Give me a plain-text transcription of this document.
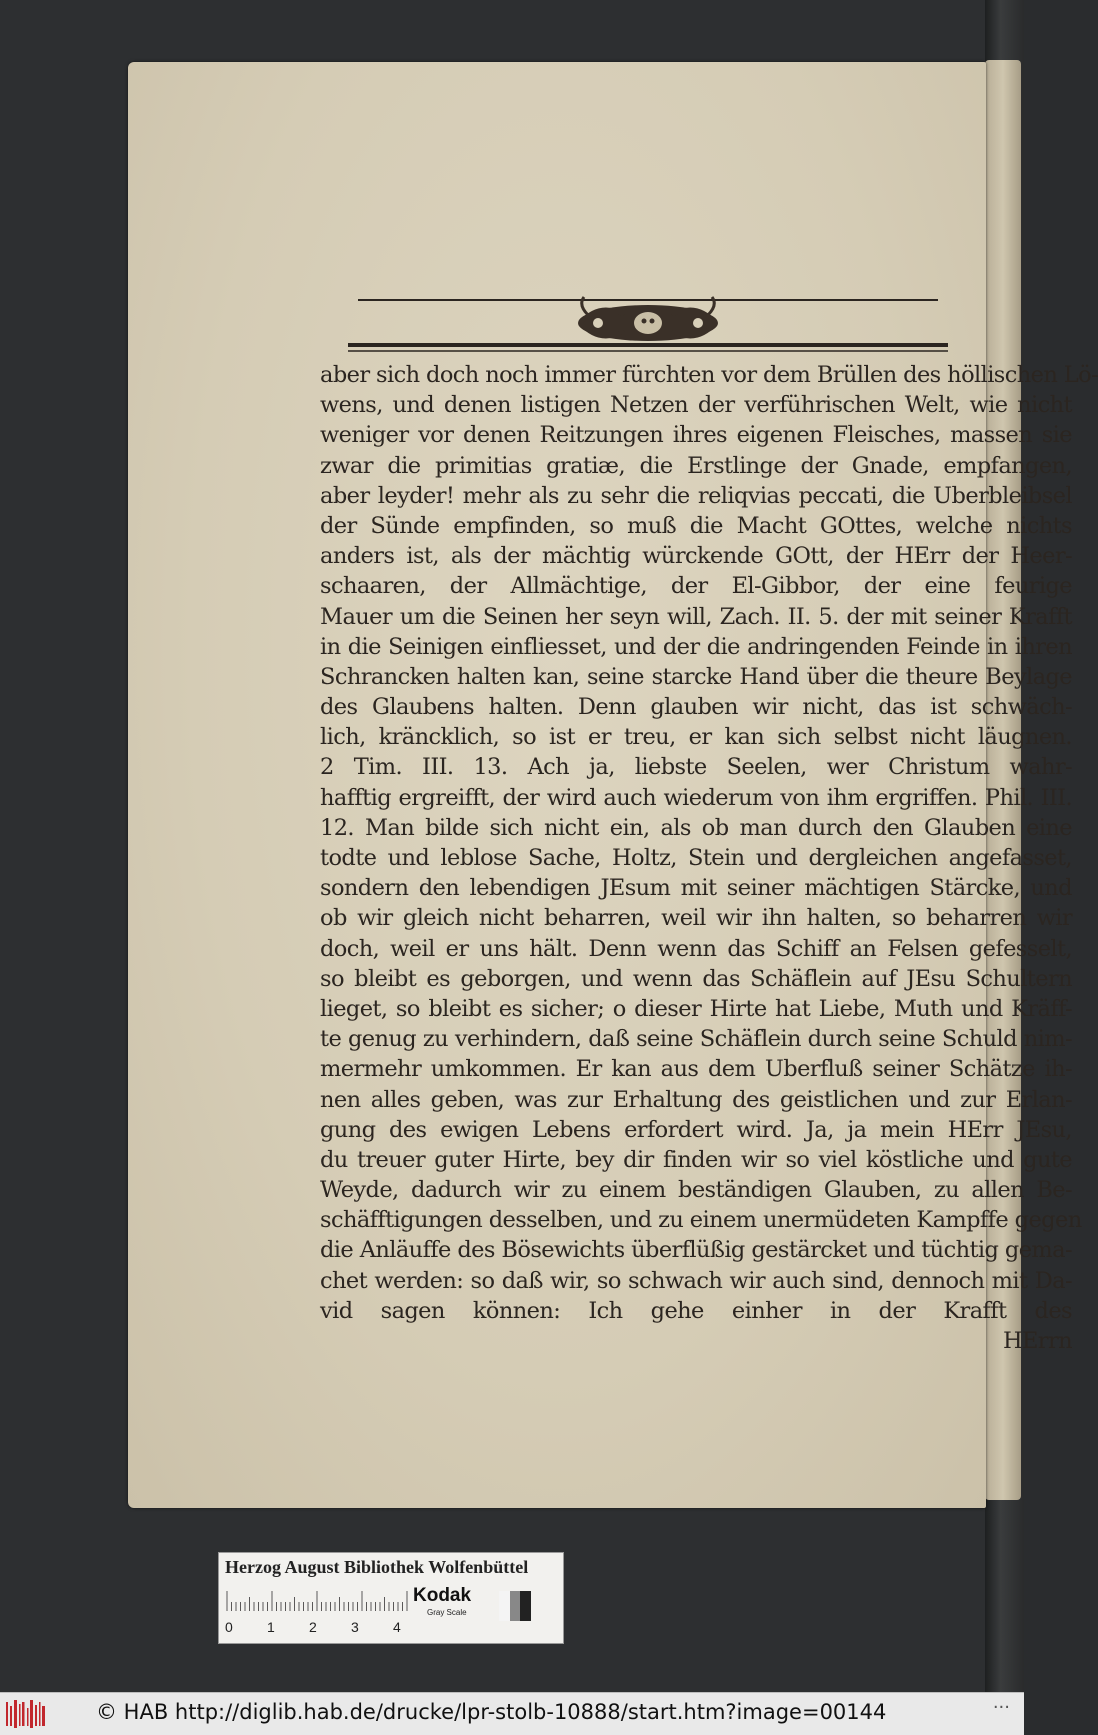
aber sich doch noch immer fürchten vor dem Brüllen des höllischen Lö-
wens, und denen listigen Netzen der verführischen Welt, wie nicht
weniger vor denen Reitzungen ihres eigenen Fleisches, massen sie
zwar die primitias gratiæ, die Erstlinge der Gnade, empfangen,
aber leyder! mehr als zu sehr die reliqvias peccati, die Uberbleibsel
der Sünde empfinden, so muß die Macht GOttes, welche nichts
anders ist, als der mächtig würckende GOtt, der HErr der Heer-
schaaren, der Allmächtige, der El-Gibbor, der eine feurige
Mauer um die Seinen her seyn will, Zach. II. 5. der mit seiner Krafft
in die Seinigen einfliesset, und der die andringenden Feinde in ihren
Schrancken halten kan, seine starcke Hand über die theure Beylage
des Glaubens halten. Denn glauben wir nicht, das ist schwäch-
lich, kräncklich, so ist er treu, er kan sich selbst nicht läugnen.
2 Tim. III. 13. Ach ja, liebste Seelen, wer Christum wahr-
hafftig ergreifft, der wird auch wiederum von ihm ergriffen. Phil. III.
12. Man bilde sich nicht ein, als ob man durch den Glauben eine
todte und leblose Sache, Holtz, Stein und dergleichen angefasset,
sondern den lebendigen JEsum mit seiner mächtigen Stärcke, und
ob wir gleich nicht beharren, weil wir ihn halten, so beharren wir
doch, weil er uns hält. Denn wenn das Schiff an Felsen gefesselt,
so bleibt es geborgen, und wenn das Schäflein auf JEsu Schultern
lieget, so bleibt es sicher; o dieser Hirte hat Liebe, Muth und Kräff-
te genug zu verhindern, daß seine Schäflein durch seine Schuld nim-
mermehr umkommen. Er kan aus dem Uberfluß seiner Schätze ih-
nen alles geben, was zur Erhaltung des geistlichen und zur Erlan-
gung des ewigen Lebens erfordert wird. Ja, ja mein HErr JEsu,
du treuer guter Hirte, bey dir finden wir so viel köstliche und gute
Weyde, dadurch wir zu einem beständigen Glauben, zu allen Be-
schäfftigungen desselben, und zu einem unermüdeten Kampffe gegen
die Anläuffe des Bösewichts überflüßig gestärcket und tüchtig gema-
chet werden: so daß wir, so schwach wir auch sind, dennoch mit Da-
vid sagen können: Ich gehe einher in der Krafft des
HErrn
Herzog August Bibliothek Wolfenbüttel
0 1 2 3 4
Kodak
Gray Scale
© HAB http://diglib.hab.de/drucke/lpr-stolb-10888/start.htm?image=00144	···
